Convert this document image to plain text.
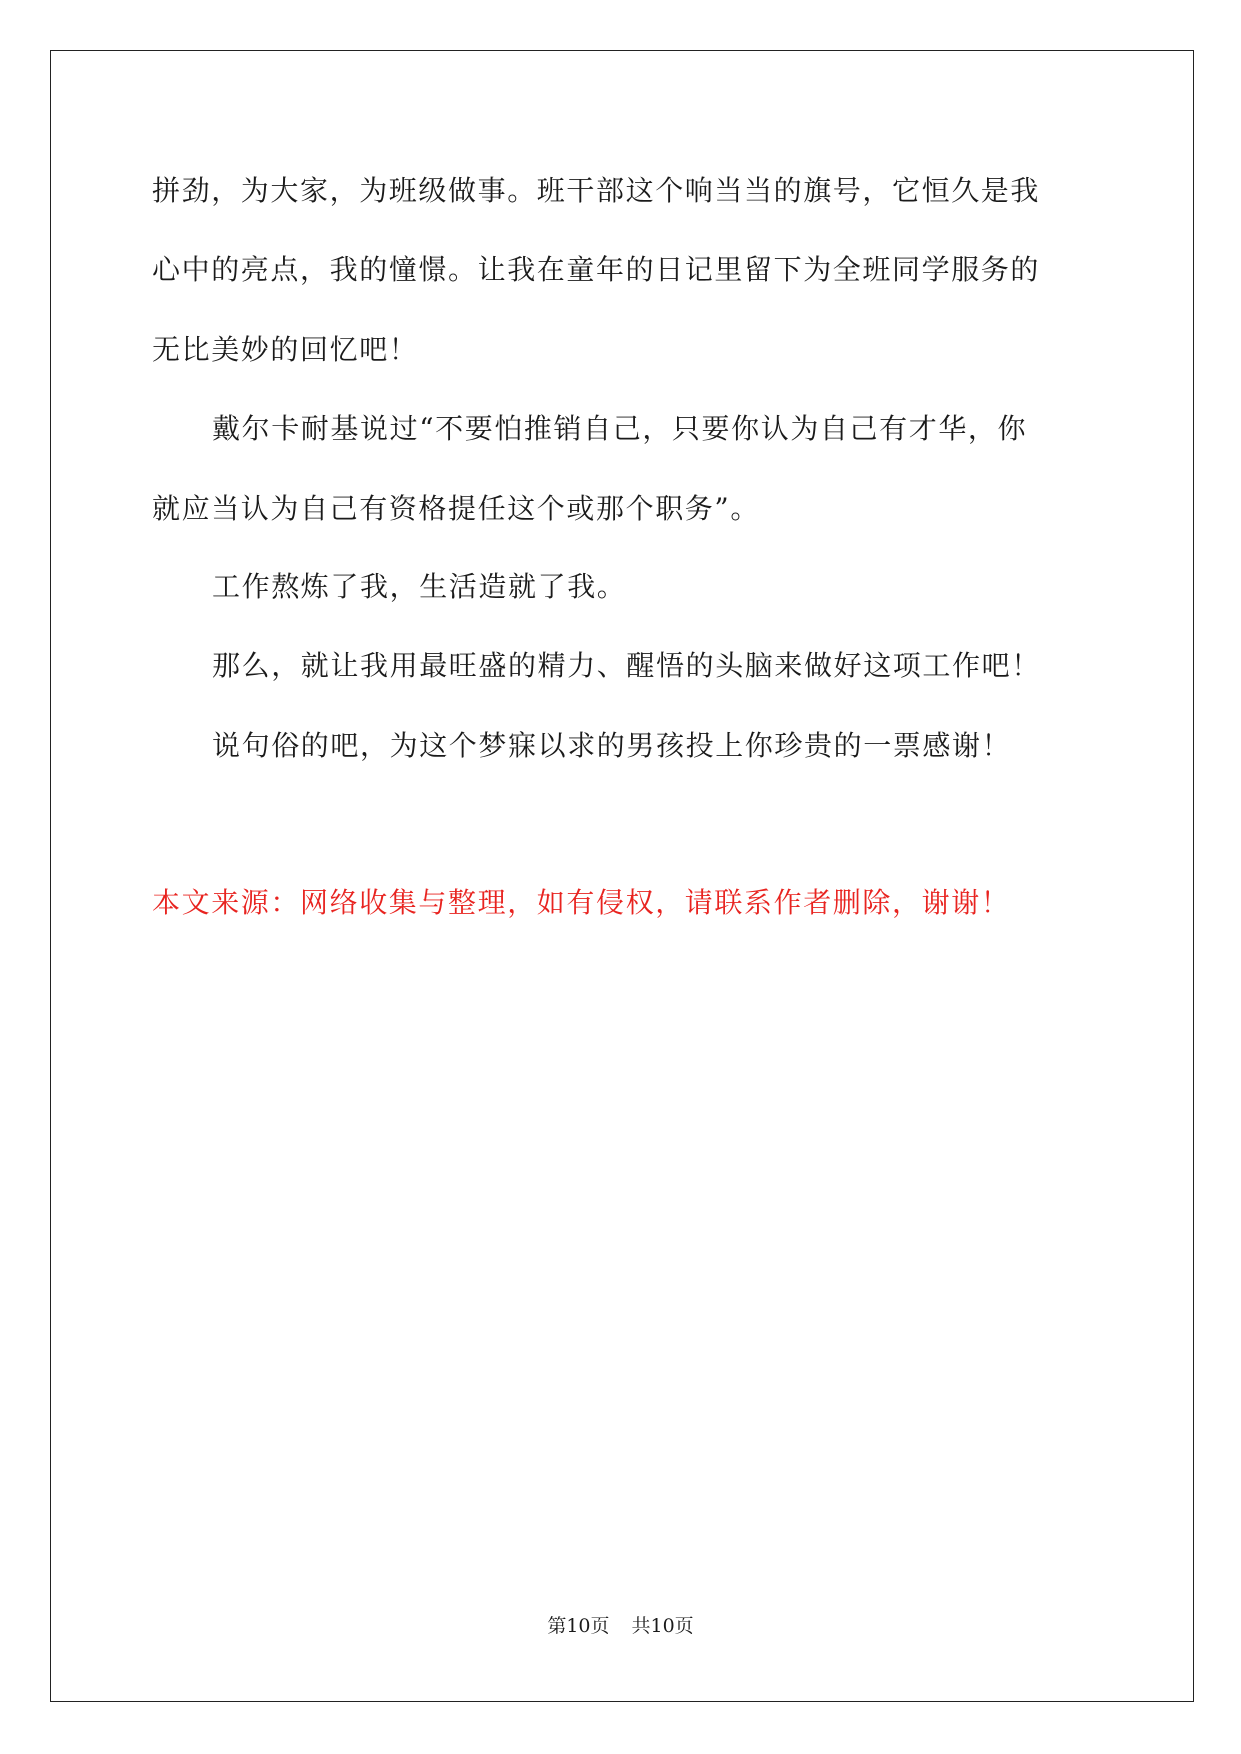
拼劲，为大家，为班级做事。班干部这个响当当的旗号，它恒久是我

心中的亮点，我的憧憬。让我在童年的日记里留下为全班同学服务的

无比美妙的回忆吧！

戴尔卡耐基说过“不要怕推销自己，只要你认为自己有才华，你

就应当认为自己有资格提任这个或那个职务”。

工作熬炼了我，生活造就了我。

那么，就让我用最旺盛的精力、醒悟的头脑来做好这项工作吧！

说句俗的吧，为这个梦寐以求的男孩投上你珍贵的一票感谢！

本文来源：网络收集与整理，如有侵权，请联系作者删除，谢谢！

第10页 共10页
